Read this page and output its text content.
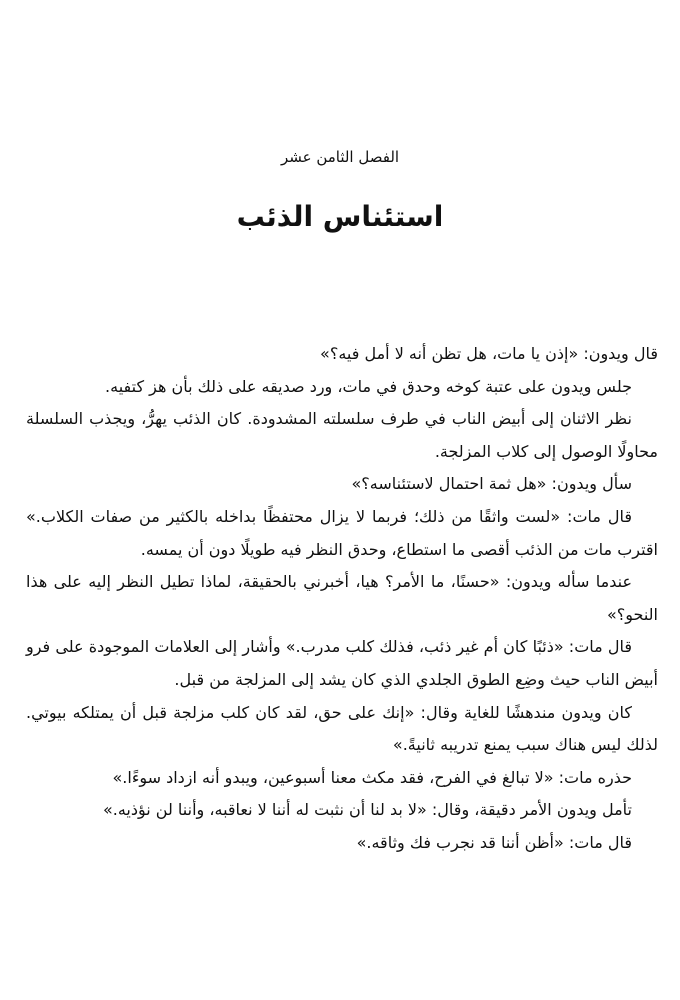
الفصل الثامن عشر
استئناس الذئب

قال ويدون: «إذن يا مات، هل تظن أنه لا أمل فيه؟»

جلس ويدون على عتبة كوخه وحدق في مات، ورد صديقه على ذلك بأن هز كتفيه.

نظر الاثنان إلى أبيض الناب في طرف سلسلته المشدودة. كان الذئب يهرُّ، ويجذب السلسلة محاولًا الوصول إلى كلاب المزلجة.

سأل ويدون: «هل ثمة احتمال لاستئناسه؟»

قال مات: «لست واثقًا من ذلك؛ فربما لا يزال محتفظًا بداخله بالكثير من صفات الكلاب.» اقترب مات من الذئب أقصى ما استطاع، وحدق النظر فيه طويلًا دون أن يمسه.

عندما سأله ويدون: «حسنًا، ما الأمر؟ هيا، أخبرني بالحقيقة، لماذا تطيل النظر إليه على هذا النحو؟»

قال مات: «ذئبًا كان أم غير ذئب، فذلك كلب مدرب.» وأشار إلى العلامات الموجودة على فرو أبيض الناب حيث وضِع الطوق الجلدي الذي كان يشد إلى المزلجة من قبل.

كان ويدون مندهشًا للغاية وقال: «إنك على حق، لقد كان كلب مزلجة قبل أن يمتلكه بيوتي. لذلك ليس هناك سبب يمنع تدريبه ثانيةً.»

حذره مات: «لا تبالغ في الفرح، فقد مكث معنا أسبوعين، ويبدو أنه ازداد سوءًا.»

تأمل ويدون الأمر دقيقة، وقال: «لا بد لنا أن نثبت له أننا لا نعاقبه، وأننا لن نؤذيه.»

قال مات: «أظن أننا قد نجرب فك وثاقه.»
